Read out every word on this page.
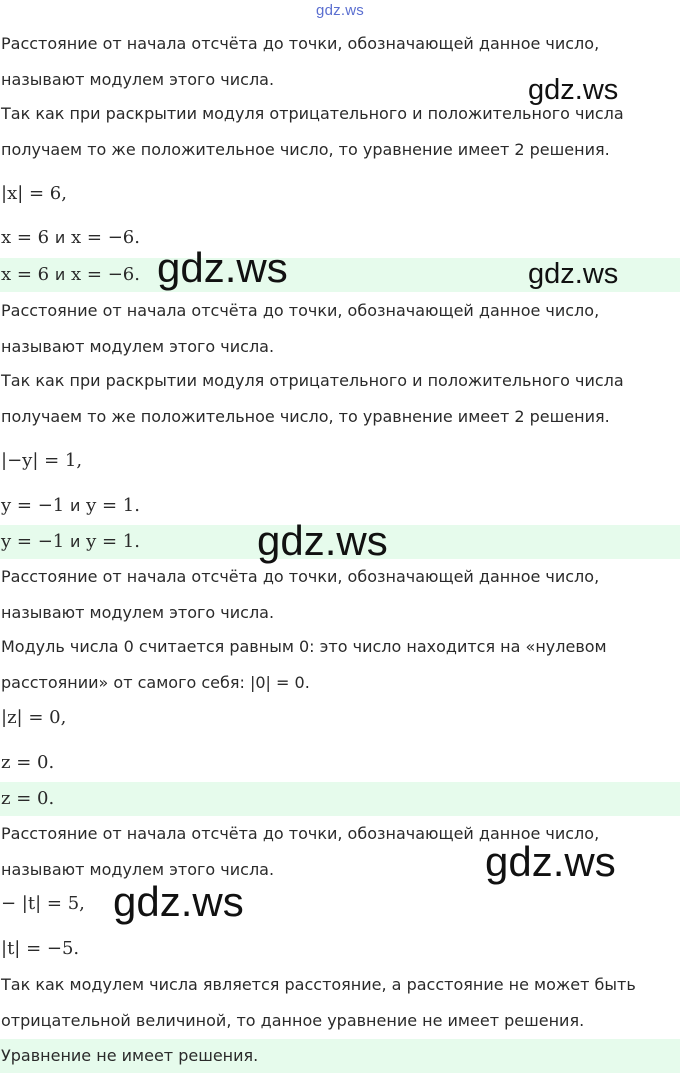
gdz.ws
Расстояние от начала отсчёта до точки, обозначающей данное число,
называют модулем этого числа.
Так как при раскрытии модуля отрицательного и положительного числа
получаем то же положительное число, то уравнение имеет 2 решения.
|x| = 6,
x = 6 и x = −6.
x = 6 и x = −6.
Расстояние от начала отсчёта до точки, обозначающей данное число,
называют модулем этого числа.
Так как при раскрытии модуля отрицательного и положительного числа
получаем то же положительное число, то уравнение имеет 2 решения.
|−y| = 1,
y = −1 и y = 1.
y = −1 и y = 1.
Расстояние от начала отсчёта до точки, обозначающей данное число,
называют модулем этого числа.
Модуль числа 0 считается равным 0: это число находится на «нулевом
расстоянии» от самого себя: |0| = 0.
|z| = 0,
z = 0.
z = 0.
Расстояние от начала отсчёта до точки, обозначающей данное число,
называют модулем этого числа.
− |t| = 5,
|t| = −5.
Так как модулем числа является расстояние, а расстояние не может быть
отрицательной величиной, то данное уравнение не имеет решения.
Уравнение не имеет решения.
gdz.ws
gdz.ws	gdz.ws
gdz.ws
gdz.ws
gdz.ws
